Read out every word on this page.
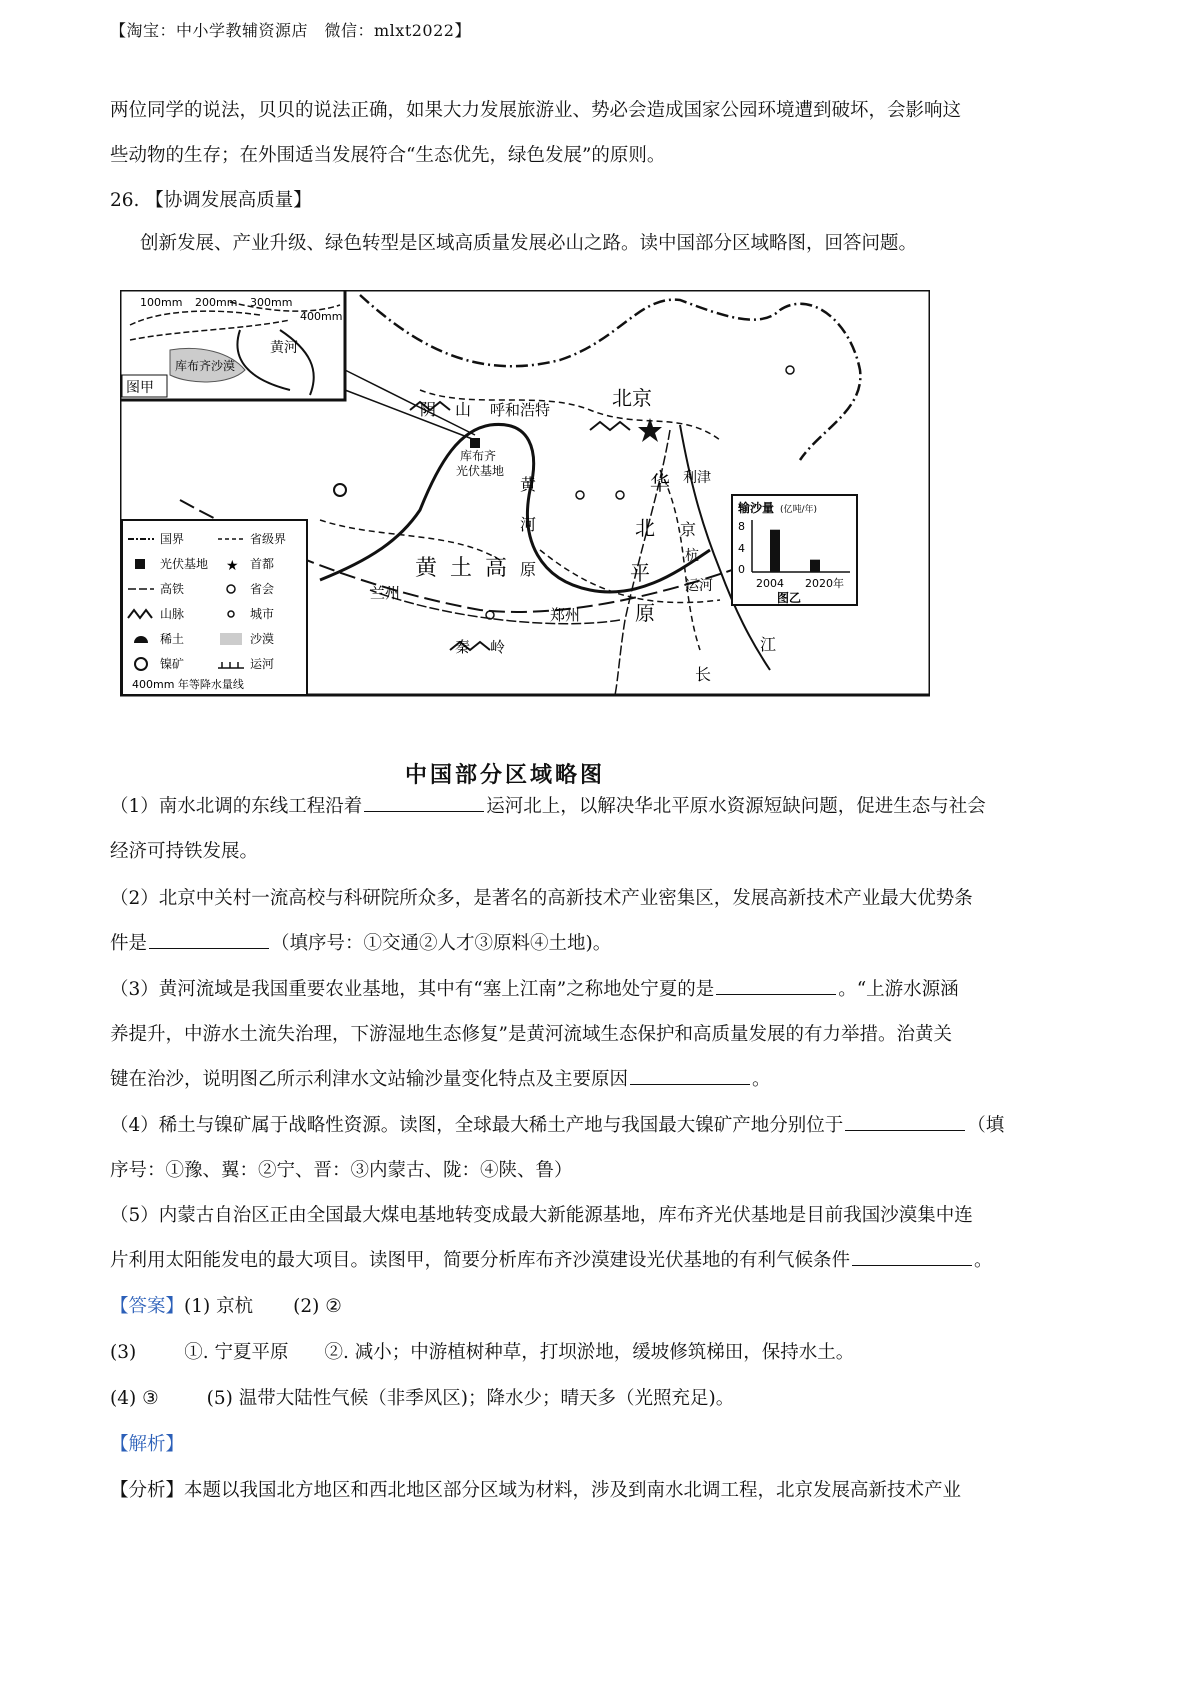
【淘宝：中小学教辅资源店　微信：mlxt2022】
两位同学的说法，贝贝的说法正确，如果大力发展旅游业、势必会造成国家公园环境遭到破坏，会影响这
些动物的生存；在外围适当发展符合“生态优先，绿色发展”的原则。
26. 【协调发展高质量】
创新发展、产业升级、绿色转型是区域高质量发展必山之路。读中国部分区域略图，回答问题。
100mm 200mm 300mm
400mm
黄河
库布齐沙漠
图甲
阴 山 呼和浩特	北京
库布齐
光伏基地
黄
河
原
华
北
平
原
利津
京
杭
运河
黄 土 高
兰州
郑州
秦 岭	江
长
国界	省级界
光伏基地	首都
高铁	省会
山脉	城市
稀土	沙漠
镍矿	运河
400mm 年等降水量线
★
输沙量 (亿吨/年)
8
4
0
2004 2020年
图乙
中国部分区域略图
（1）南水北调的东线工程沿着	运河北上，以解决华北平原水资源短缺问题，促进生态与社会
经济可持铁发展。
（2）北京中关村一流高校与科研院所众多，是著名的高新技术产业密集区，发展高新技术产业最大优势条
件是	（填序号：①交通②人才③原料④土地)。
（3）黄河流域是我国重要农业基地，其中有“塞上江南”之称地处宁夏的是	。“上游水源涵
养提升，中游水土流失治理，下游湿地生态修复”是黄河流域生态保护和高质量发展的有力举措。治黄关
键在治沙，说明图乙所示利津水文站输沙量变化特点及主要原因	。
（4）稀土与镍矿属于战略性资源。读图，全球最大稀土产地与我国最大镍矿产地分别位于	（填
序号：①豫、翼：②宁、晋：③内蒙古、陇：④陕、鲁）
（5）内蒙古自治区正由全国最大煤电基地转变成最大新能源基地，库布齐光伏基地是目前我国沙漠集中连
片利用太阳能发电的最大项目。读图甲，简要分析库布齐沙漠建设光伏基地的有利气候条件	。
【答案】(1) 京杭 (2) ②
(3)	①. 宁夏平原 ②. 减小；中游植树种草，打坝淤地，缓坡修筑梯田，保持水土。
(4) ③	(5) 温带大陆性气候（非季风区)；降水少；晴天多（光照充足)。
【解析】
【分析】本题以我国北方地区和西北地区部分区域为材料，涉及到南水北调工程，北京发展高新技术产业
